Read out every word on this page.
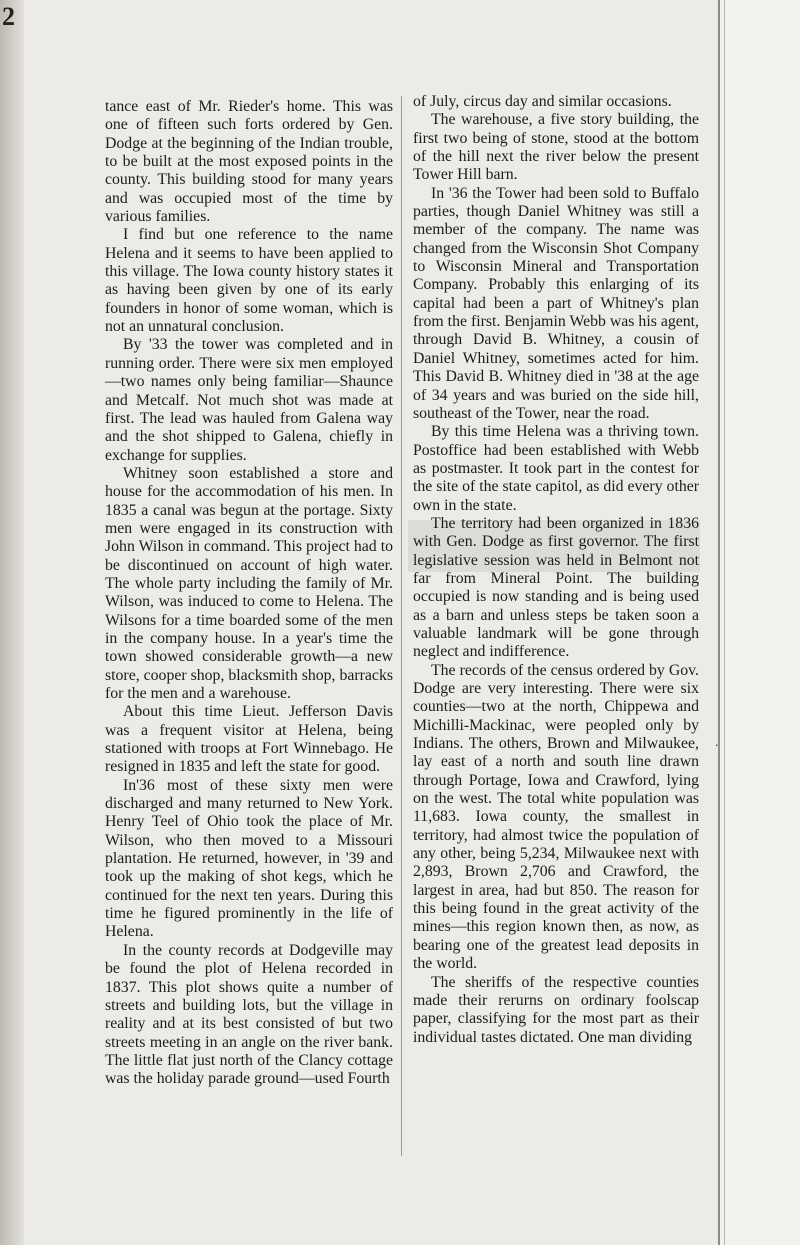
2

tance east of Mr. Rieder's home. This was one of fifteen such forts ordered by Gen. Dodge at the beginning of the Indian trouble, to be built at the most exposed points in the county. This building stood for many years and was occupied most of the time by various families.

I find but one reference to the name Helena and it seems to have been applied to this village. The Iowa county history states it as having been given by one of its early founders in honor of some woman, which is not an unnatural conclusion.

By '33 the tower was completed and in running order. There were six men employed—two names only being familiar—Shaunce and Metcalf. Not much shot was made at first. The lead was hauled from Galena way and the shot shipped to Galena, chiefly in exchange for supplies.

Whitney soon established a store and house for the accommodation of his men. In 1835 a canal was begun at the portage. Sixty men were engaged in its construction with John Wilson in command. This project had to be discontinued on account of high water. The whole party including the family of Mr. Wilson, was induced to come to Helena. The Wilsons for a time boarded some of the men in the company house. In a year's time the town showed considerable growth—a new store, cooper shop, blacksmith shop, barracks for the men and a warehouse.

About this time Lieut. Jefferson Davis was a frequent visitor at Helena, being stationed with troops at Fort Winnebago. He resigned in 1835 and left the state for good.

In'36 most of these sixty men were discharged and many returned to New York. Henry Teel of Ohio took the place of Mr. Wilson, who then moved to a Missouri plantation. He returned, however, in '39 and took up the making of shot kegs, which he continued for the next ten years. During this time he figured prominently in the life of Helena.

In the county records at Dodgeville may be found the plot of Helena recorded in 1837. This plot shows quite a number of streets and building lots, but the village in reality and at its best consisted of but two streets meeting in an angle on the river bank. The little flat just north of the Clancy cottage was the holiday parade ground—used Fourth

of July, circus day and similar occasions.

The warehouse, a five story building, the first two being of stone, stood at the bottom of the hill next the river below the present Tower Hill barn.

In '36 the Tower had been sold to Buffalo parties, though Daniel Whitney was still a member of the company. The name was changed from the Wisconsin Shot Company to Wisconsin Mineral and Transportation Company. Probably this enlarging of its capital had been a part of Whitney's plan from the first. Benjamin Webb was his agent, through David B. Whitney, a cousin of Daniel Whitney, sometimes acted for him. This David B. Whitney died in '38 at the age of 34 years and was buried on the side hill, southeast of the Tower, near the road.

By this time Helena was a thriving town. Postoffice had been established with Webb as postmaster. It took part in the contest for the site of the state capitol, as did every other own in the state.

The territory had been organized in 1836 with Gen. Dodge as first governor. The first legislative session was held in Belmont not far from Mineral Point. The building occupied is now standing and is being used as a barn and unless steps be taken soon a valuable landmark will be gone through neglect and indifference.

The records of the census ordered by Gov. Dodge are very interesting. There were six counties—two at the north, Chippewa and Michilli-Mackinac, were peopled only by Indians. The others, Brown and Milwaukee, lay east of a north and south line drawn through Portage, Iowa and Crawford, lying on the west. The total white population was 11,683. Iowa county, the smallest in territory, had almost twice the population of any other, being 5,234, Milwaukee next with 2,893, Brown 2,706 and Crawford, the largest in area, had but 850. The reason for this being found in the great activity of the mines—this region known then, as now, as bearing one of the greatest lead deposits in the world.

The sheriffs of the respective counties made their rerurns on ordinary foolscap paper, classifying for the most part as their individual tastes dictated. One man dividing

.
